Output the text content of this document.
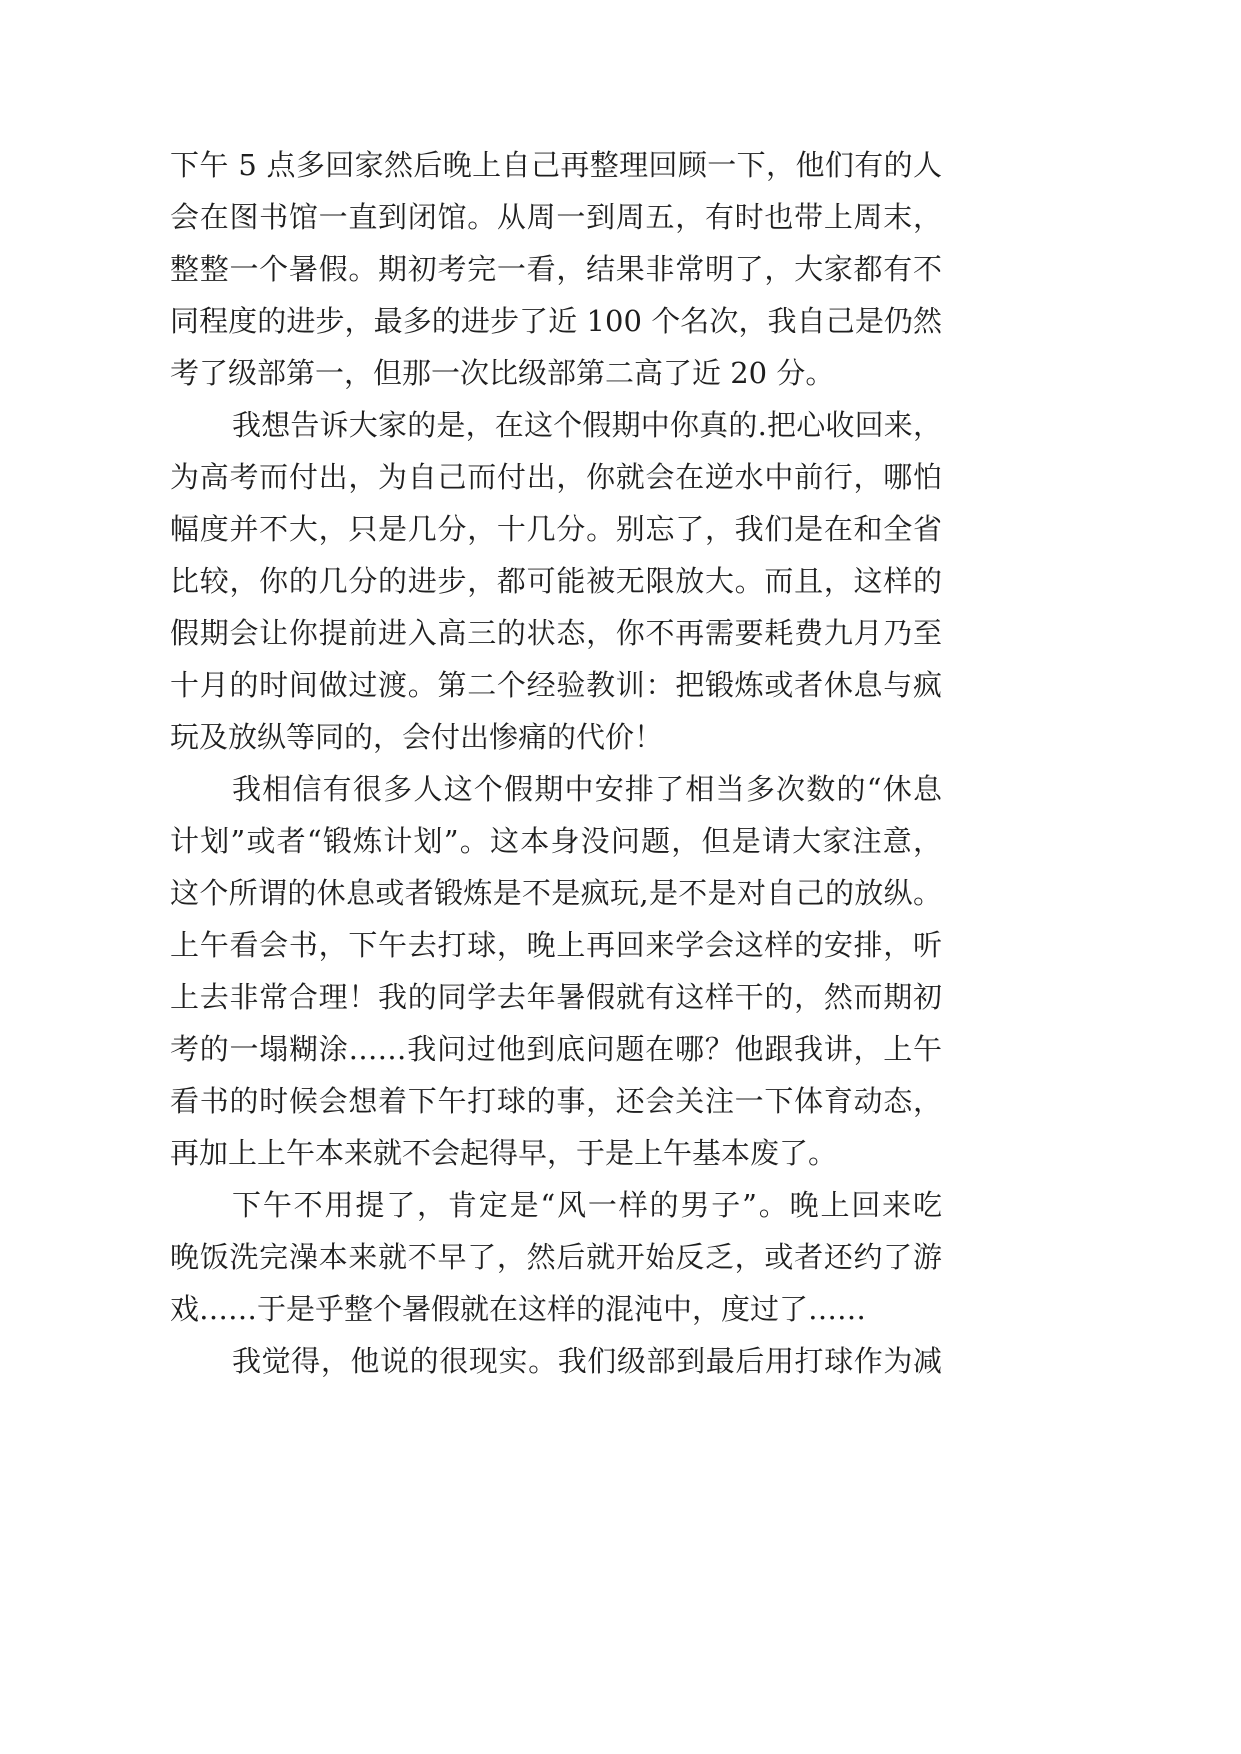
下午 5 点多回家然后晚上自己再整理回顾一下，他们有的人
会在图书馆一直到闭馆。从周一到周五，有时也带上周末，
整整一个暑假。期初考完一看，结果非常明了，大家都有不
同程度的进步，最多的进步了近 100 个名次，我自己是仍然
考了级部第一，但那一次比级部第二高了近 20 分。
我想告诉大家的是，在这个假期中你真的.把心收回来，
为高考而付出，为自己而付出，你就会在逆水中前行，哪怕
幅度并不大，只是几分，十几分。别忘了，我们是在和全省
比较，你的几分的进步，都可能被无限放大。而且，这样的
假期会让你提前进入高三的状态，你不再需要耗费九月乃至
十月的时间做过渡。第二个经验教训：把锻炼或者休息与疯
玩及放纵等同的，会付出惨痛的代价！
我相信有很多人这个假期中安排了相当多次数的“休息
计划”或者“锻炼计划”。这本身没问题，但是请大家注意，
这个所谓的休息或者锻炼是不是疯玩,是不是对自己的放纵。
上午看会书，下午去打球，晚上再回来学会这样的安排，听
上去非常合理！我的同学去年暑假就有这样干的，然而期初
考的一塌糊涂……我问过他到底问题在哪？他跟我讲，上午
看书的时候会想着下午打球的事，还会关注一下体育动态，
再加上上午本来就不会起得早，于是上午基本废了。
下午不用提了，肯定是“风一样的男子”。晚上回来吃
晚饭洗完澡本来就不早了，然后就开始反乏，或者还约了游
戏……于是乎整个暑假就在这样的混沌中，度过了……
我觉得，他说的很现实。我们级部到最后用打球作为减
